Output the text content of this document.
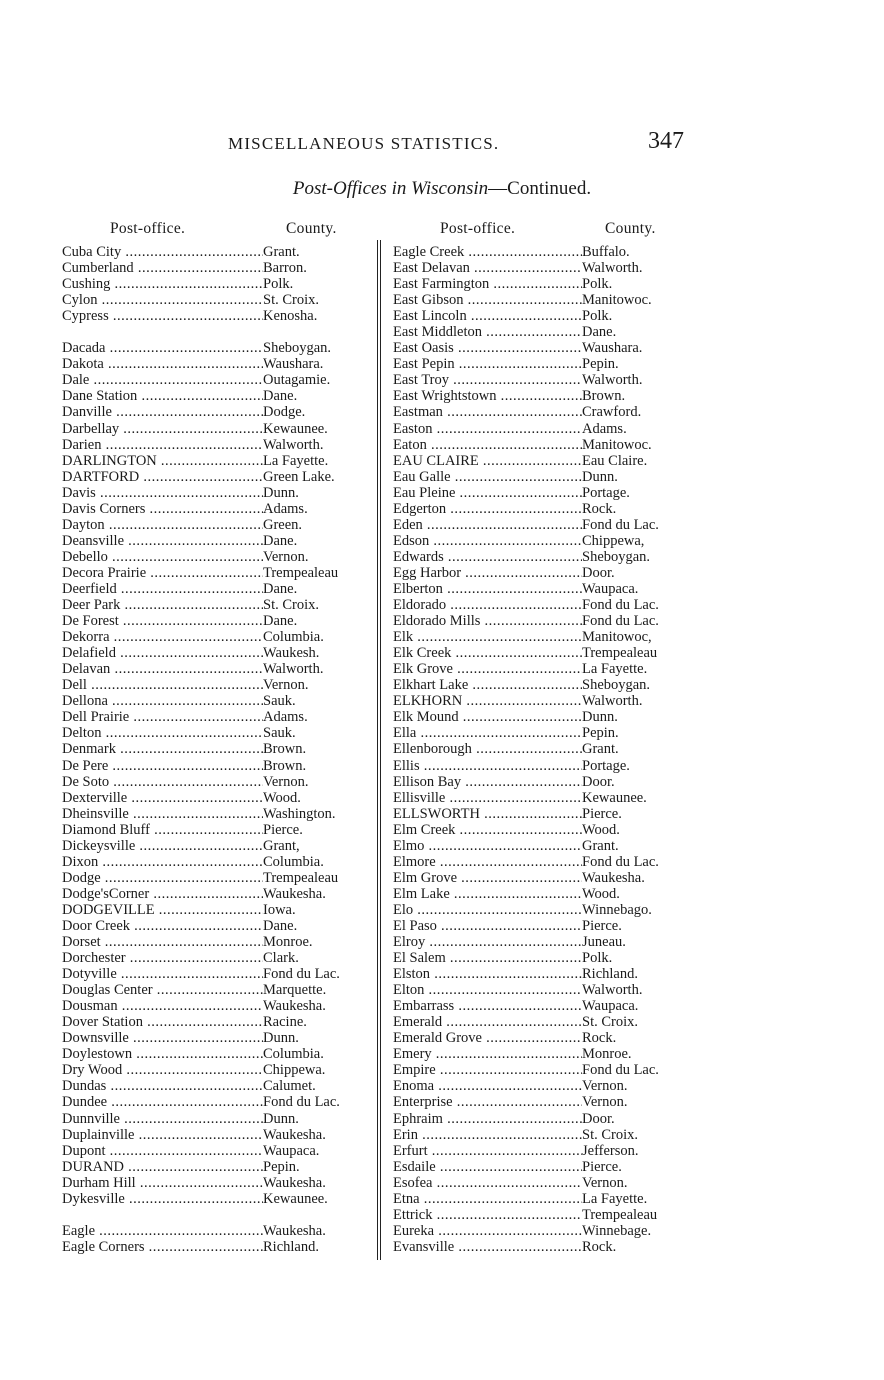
MISCELLANEOUS STATISTICS.	347
Post-Offices in Wisconsin—Continued.
Post-office.	County.	Post-office.	County.
Cuba City .....	Grant.
Cumberland .....	Barron.
Cushing .....	Polk.
Cylon .....	St. Croix.
Cypress .....	Kenosha.
Dacada .....	Sheboygan.
Dakota .....	Waushara.
Dale .....	Outagamie.
Dane Station .....	Dane.
Danville .....	Dodge.
Darbellay .....	Kewaunee.
Darien .....	Walworth.
DARLINGTON .....	La Fayette.
DARTFORD .....	Green Lake.
Davis .....	Dunn.
Davis Corners .....	Adams.
Dayton .....	Green.
Deansville .....	Dane.
Debello .....	Vernon.
Decora Prairie .....	Trempealeau
Deerfield .....	Dane.
Deer Park .....	St. Croix.
De Forest .....	Dane.
Dekorra .....	Columbia.
Delafield .....	Waukesh.
Delavan .....	Walworth.
Dell .....	Vernon.
Dellona .....	Sauk.
Dell Prairie .....	Adams.
Delton .....	Sauk.
Denmark .....	Brown.
De Pere .....	Brown.
De Soto .....	Vernon.
Dexterville .....	Wood.
Dheinsville .....	Washington.
Diamond Bluff .....	Pierce.
Dickeysville .....	Grant,
Dixon .....	Columbia.
Dodge .....	Trempealeau
Dodge'sCorner .....	Waukesha.
DODGEVILLE .....	Iowa.
Door Creek .....	Dane.
Dorset .....	Monroe.
Dorchester .....	Clark.
Dotyville .....	Fond du Lac.
Douglas Center .....	Marquette.
Dousman .....	Waukesha.
Dover Station .....	Racine.
Downsville .....	Dunn.
Doylestown .....	Columbia.
Dry Wood .....	Chippewa.
Dundas .....	Calumet.
Dundee .....	Fond du Lac.
Dunnville .....	Dunn.
Duplainville .....	Waukesha.
Dupont .....	Waupaca.
DURAND .....	Pepin.
Durham Hill .....	Waukesha.
Dykesville .....	Kewaunee.
Eagle .....	Waukesha.
Eagle Corners .....	Richland.
Eagle Creek .....	Buffalo.
East Delavan .....	Walworth.
East Farmington .....	Polk.
East Gibson .....	Manitowoc.
East Lincoln .....	Polk.
East Middleton .....	Dane.
East Oasis .....	Waushara.
East Pepin .....	Pepin.
East Troy .....	Walworth.
East Wrightstown .....	Brown.
Eastman .....	Crawford.
Easton .....	Adams.
Eaton .....	Manitowoc.
EAU CLAIRE .....	Eau Claire.
Eau Galle .....	Dunn.
Eau Pleine .....	Portage.
Edgerton .....	Rock.
Eden .....	Fond du Lac.
Edson .....	Chippewa,
Edwards .....	Sheboygan.
Egg Harbor .....	Door.
Elberton .....	Waupaca.
Eldorado .....	Fond du Lac.
Eldorado Mills .....	Fond du Lac.
Elk .....	Manitowoc,
Elk Creek .....	Trempealeau
Elk Grove .....	La Fayette.
Elkhart Lake .....	Sheboygan.
ELKHORN .....	Walworth.
Elk Mound .....	Dunn.
Ella .....	Pepin.
Ellenborough .....	Grant.
Ellis .....	Portage.
Ellison Bay .....	Door.
Ellisville .....	Kewaunee.
ELLSWORTH .....	Pierce.
Elm Creek .....	Wood.
Elmo .....	Grant.
Elmore .....	Fond du Lac.
Elm Grove .....	Waukesha.
Elm Lake .....	Wood.
Elo .....	Winnebago.
El Paso .....	Pierce.
Elroy .....	Juneau.
El Salem .....	Polk.
Elston .....	Richland.
Elton .....	Walworth.
Embarrass .....	Waupaca.
Emerald .....	St. Croix.
Emerald Grove .....	Rock.
Emery .....	Monroe.
Empire .....	Fond du Lac.
Enoma .....	Vernon.
Enterprise .....	Vernon.
Ephraim .....	Door.
Erin .....	St. Croix.
Erfurt .....	Jefferson.
Esdaile .....	Pierce.
Esofea .....	Vernon.
Etna .....	La Fayette.
Ettrick .....	Trempealeau
Eureka .....	Winnebage.
Evansville .....	Rock.
